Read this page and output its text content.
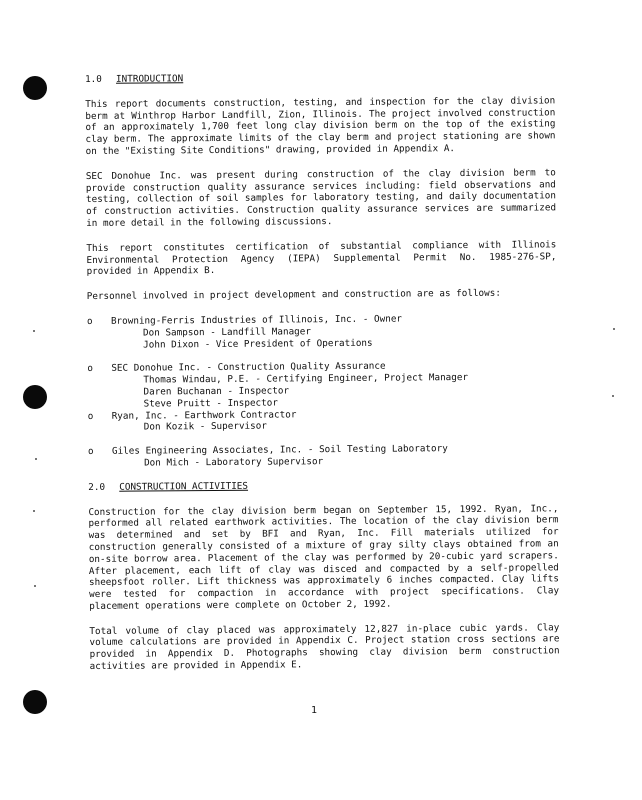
1.0 INTRODUCTION

This report documents construction, testing, and inspection for the clay division berm at Winthrop Harbor Landfill, Zion, Illinois. The project involved construction of an approximately 1,700 feet long clay division berm on the top of the existing clay berm. The approximate limits of the clay berm and project stationing are shown on the "Existing Site Conditions" drawing, provided in Appendix A.

SEC Donohue Inc. was present during construction of the clay division berm to provide construction quality assurance services including: field observations and testing, collection of soil samples for laboratory testing, and daily documentation of construction activities. Construction quality assurance services are summarized in more detail in the following discussions.

This report constitutes certification of substantial compliance with Illinois Environmental Protection Agency (IEPA) Supplemental Permit No. 1985-276-SP, provided in Appendix B.

Personnel involved in project development and construction are as follows:

o Browning-Ferris Industries of Illinois, Inc. - Owner
Don Sampson - Landfill Manager
John Dixon - Vice President of Operations
o SEC Donohue Inc. - Construction Quality Assurance
Thomas Windau, P.E. - Certifying Engineer, Project Manager
Daren Buchanan - Inspector
Steve Pruitt - Inspector
o Ryan, Inc. - Earthwork Contractor
Don Kozik - Supervisor
o Giles Engineering Associates, Inc. - Soil Testing Laboratory
Don Mich - Laboratory Supervisor
2.0 CONSTRUCTION ACTIVITIES

Construction for the clay division berm began on September 15, 1992. Ryan, Inc., performed all related earthwork activities. The location of the clay division berm was determined and set by BFI and Ryan, Inc. Fill materials utilized for construction generally consisted of a mixture of gray silty clays obtained from an on-site borrow area. Placement of the clay was performed by 20-cubic yard scrapers. After placement, each lift of clay was disced and compacted by a self-propelled sheepsfoot roller. Lift thickness was approximately 6 inches compacted. Clay lifts were tested for compaction in accordance with project specifications. Clay placement operations were complete on October 2, 1992.

Total volume of clay placed was approximately 12,827 in-place cubic yards. Clay volume calculations are provided in Appendix C. Project station cross sections are provided in Appendix D. Photographs showing clay division berm construction activities are provided in Appendix E.

1
